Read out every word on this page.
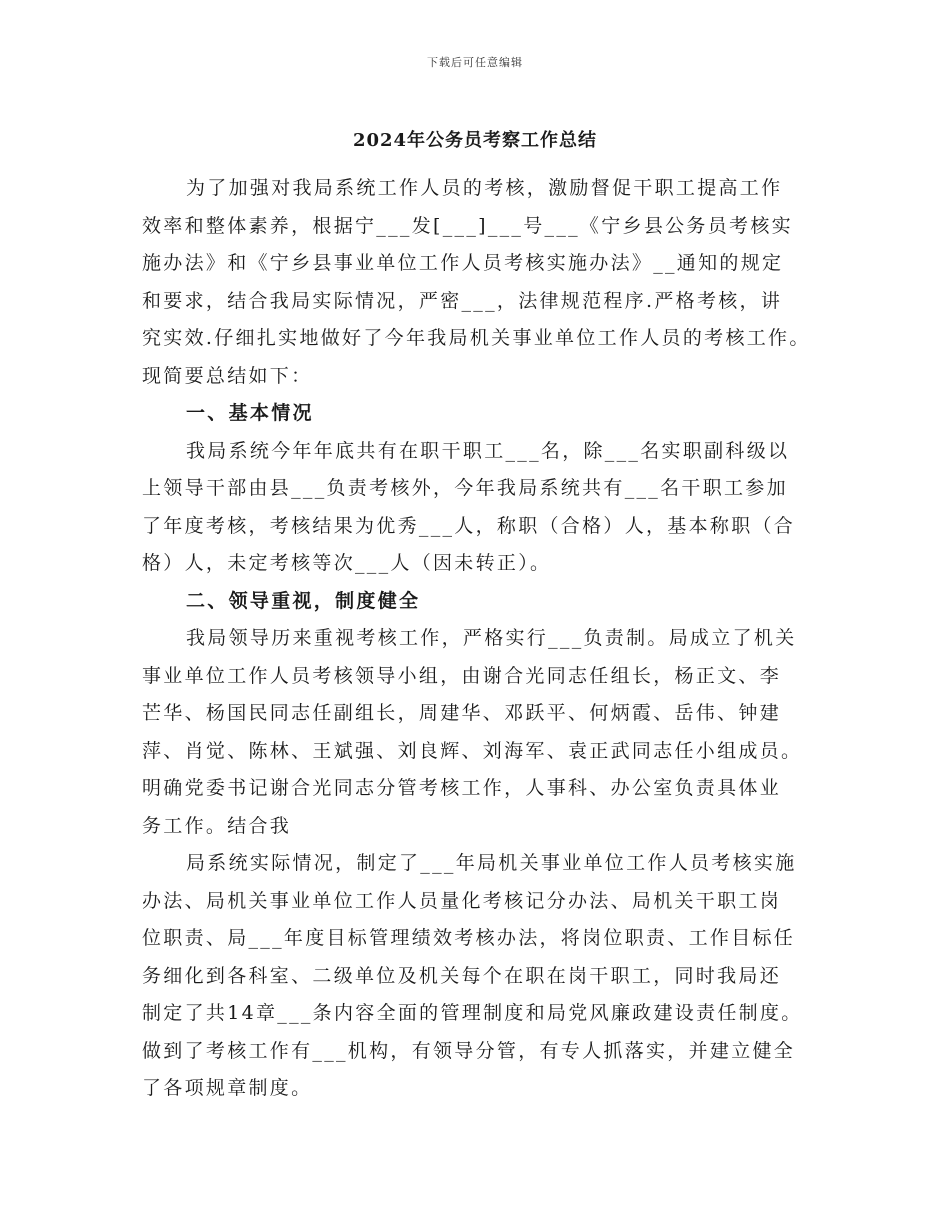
下载后可任意编辑
2024年公务员考察工作总结
为了加强对我局系统工作人员的考核，激励督促干职工提高工作
效率和整体素养，根据宁___发[___]___号___《宁乡县公务员考核实
施办法》和《宁乡县事业单位工作人员考核实施办法》__通知的规定
和要求，结合我局实际情况，严密___，法律规范程序.严格考核，讲
究实效.仔细扎实地做好了今年我局机关事业单位工作人员的考核工作。
现简要总结如下：
一、基本情况
我局系统今年年底共有在职干职工___名，除___名实职副科级以
上领导干部由县___负责考核外，今年我局系统共有___名干职工参加
了年度考核，考核结果为优秀___人，称职（合格）人，基本称职（合
格）人，未定考核等次___人（因未转正）。
二、领导重视，制度健全
我局领导历来重视考核工作，严格实行___负责制。局成立了机关
事业单位工作人员考核领导小组，由谢合光同志任组长，杨正文、李
芒华、杨国民同志任副组长，周建华、邓跃平、何炳霞、岳伟、钟建
萍、肖觉、陈林、王斌强、刘良辉、刘海军、袁正武同志任小组成员。
明确党委书记谢合光同志分管考核工作，人事科、办公室负责具体业
务工作。结合我
局系统实际情况，制定了___年局机关事业单位工作人员考核实施
办法、局机关事业单位工作人员量化考核记分办法、局机关干职工岗
位职责、局___年度目标管理绩效考核办法，将岗位职责、工作目标任
务细化到各科室、二级单位及机关每个在职在岗干职工，同时我局还
制定了共14章___条内容全面的管理制度和局党风廉政建设责任制度。
做到了考核工作有___机构，有领导分管，有专人抓落实，并建立健全
了各项规章制度。
